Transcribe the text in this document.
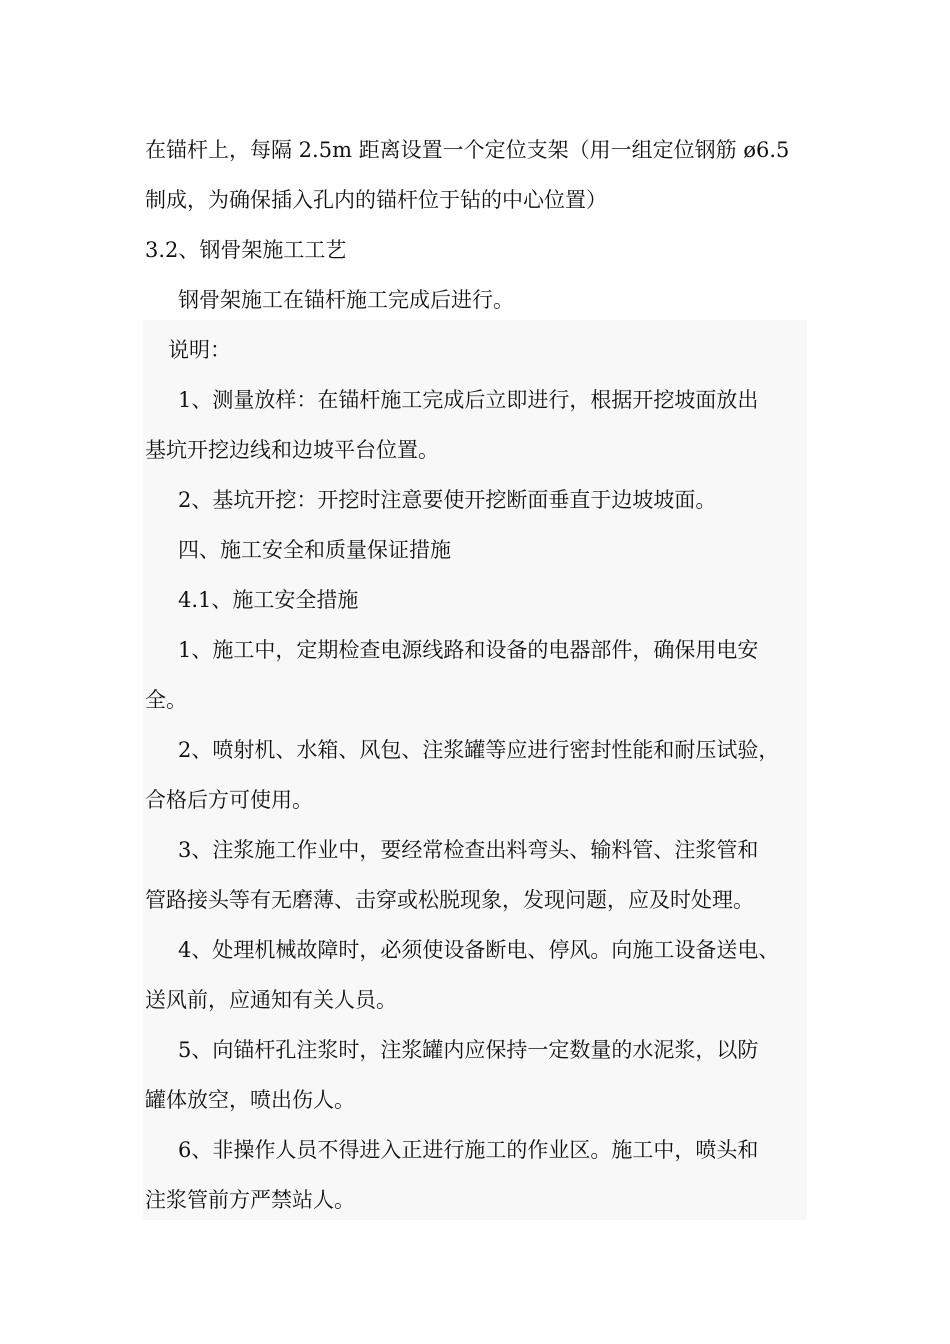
在锚杆上，每隔 2.5m 距离设置一个定位支架（用一组定位钢筋 ø6.5
制成，为确保插入孔内的锚杆位于钻的中心位置）
3.2、钢骨架施工工艺
钢骨架施工在锚杆施工完成后进行。
说明：
1、测量放样：在锚杆施工完成后立即进行，根据开挖坡面放出
基坑开挖边线和边坡平台位置。
2、基坑开挖：开挖时注意要使开挖断面垂直于边坡坡面。
四、施工安全和质量保证措施
4.1、施工安全措施
1、施工中，定期检查电源线路和设备的电器部件，确保用电安
全。
2、喷射机、水箱、风包、注浆罐等应进行密封性能和耐压试验，
合格后方可使用。
3、注浆施工作业中，要经常检查出料弯头、输料管、注浆管和
管路接头等有无磨薄、击穿或松脱现象，发现问题，应及时处理。
4、处理机械故障时，必须使设备断电、停风。向施工设备送电、
送风前，应通知有关人员。
5、向锚杆孔注浆时，注浆罐内应保持一定数量的水泥浆，以防
罐体放空，喷出伤人。
6、非操作人员不得进入正进行施工的作业区。施工中，喷头和
注浆管前方严禁站人。
